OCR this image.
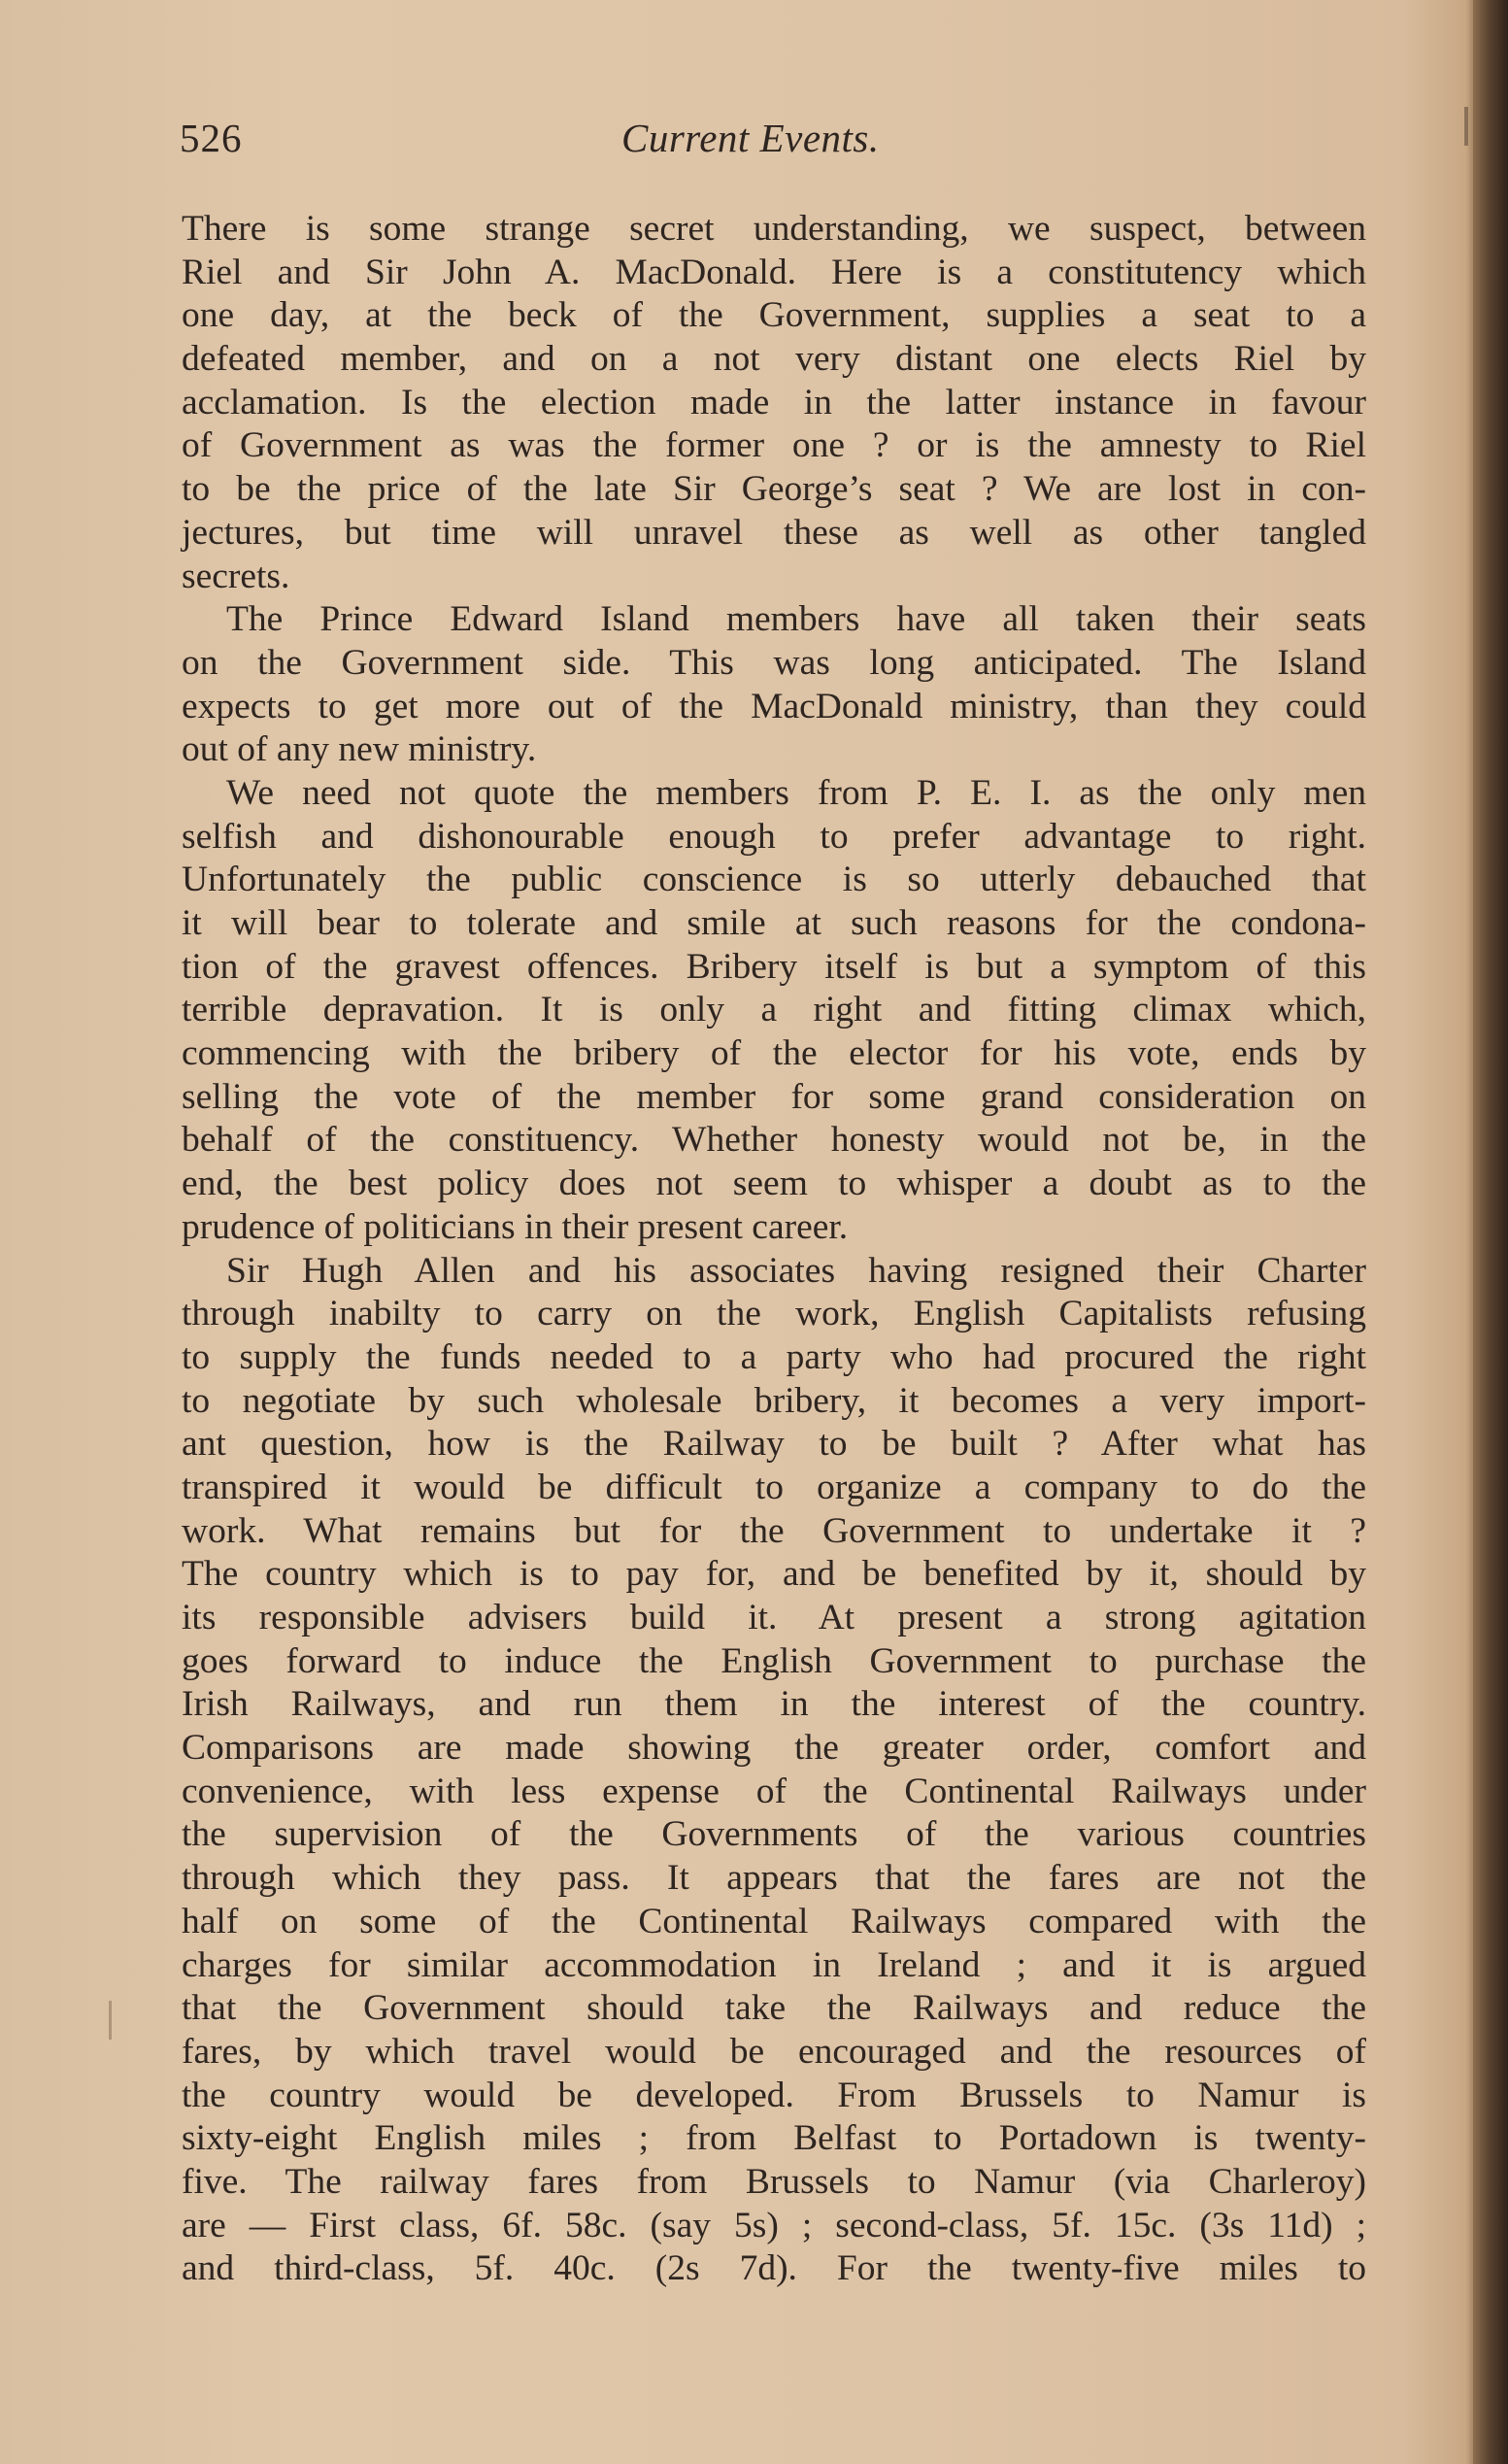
526	Current Events.
There is some strange secret understanding, we suspect, between
Riel and Sir John A. MacDonald. Here is a constitutency which
one day, at the beck of the Government, supplies a seat to a
defeated member, and on a not very distant one elects Riel by
acclamation. Is the election made in the latter instance in favour
of Government as was the former one ? or is the amnesty to Riel
to be the price of the late Sir George’s seat ? We are lost in con-
jectures, but time will unravel these as well as other tangled
secrets.
The Prince Edward Island members have all taken their seats
on the Government side. This was long anticipated. The Island
expects to get more out of the MacDonald ministry, than they could
out of any new ministry.
We need not quote the members from P. E. I. as the only men
selfish and dishonourable enough to prefer advantage to right.
Unfortunately the public conscience is so utterly debauched that
it will bear to tolerate and smile at such reasons for the condona-
tion of the gravest offences. Bribery itself is but a symptom of this
terrible depravation. It is only a right and fitting climax which,
commencing with the bribery of the elector for his vote, ends by
selling the vote of the member for some grand consideration on
behalf of the constituency. Whether honesty would not be, in the
end, the best policy does not seem to whisper a doubt as to the
prudence of politicians in their present career.
Sir Hugh Allen and his associates having resigned their Charter
through inabilty to carry on the work, English Capitalists refusing
to supply the funds needed to a party who had procured the right
to negotiate by such wholesale bribery, it becomes a very import-
ant question, how is the Railway to be built ? After what has
transpired it would be difficult to organize a company to do the
work. What remains but for the Government to undertake it ?
The country which is to pay for, and be benefited by it, should by
its responsible advisers build it. At present a strong agitation
goes forward to induce the English Government to purchase the
Irish Railways, and run them in the interest of the country.
Comparisons are made showing the greater order, comfort and
convenience, with less expense of the Continental Railways under
the supervision of the Governments of the various countries
through which they pass. It appears that the fares are not the
half on some of the Continental Railways compared with the
charges for similar accommodation in Ireland ; and it is argued
that the Government should take the Railways and reduce the
fares, by which travel would be encouraged and the resources of
the country would be developed. From Brussels to Namur is
sixty-eight English miles ; from Belfast to Portadown is twenty-
five. The railway fares from Brussels to Namur (via Charleroy)
are — First class, 6f. 58c. (say 5s) ; second-class, 5f. 15c. (3s 11d) ;
and third-class, 5f. 40c. (2s 7d). For the twenty-five miles to
